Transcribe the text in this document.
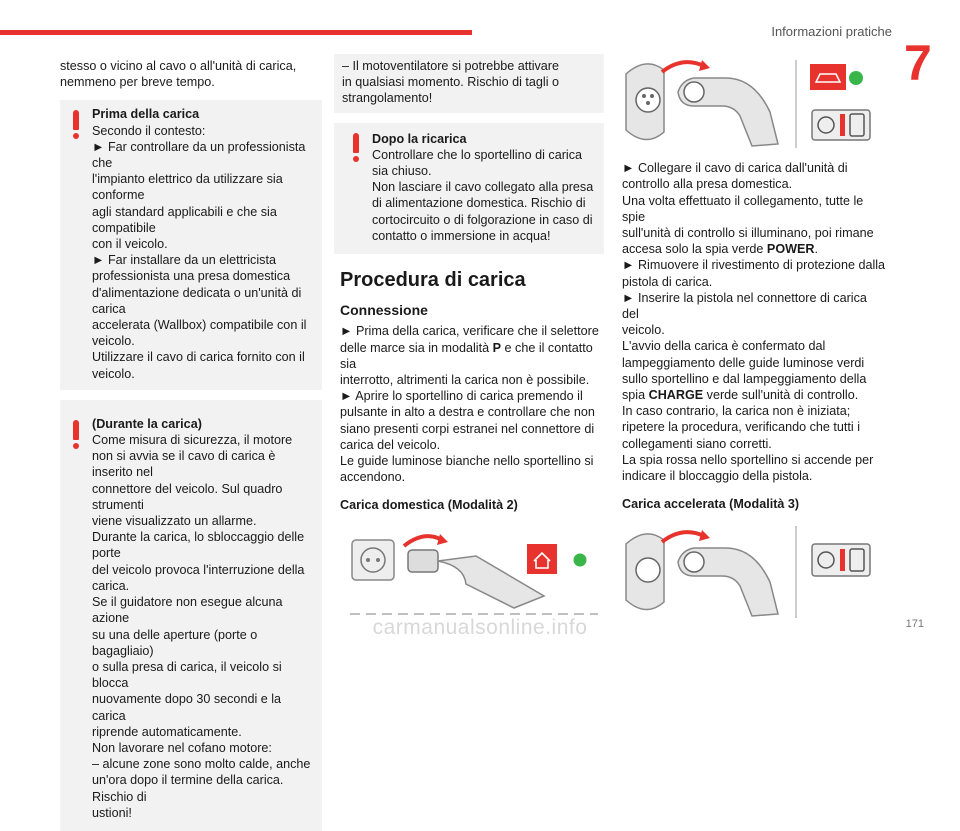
Informazioni pratiche
7

stesso o vicino al cavo o all'unità di carica,

nemmeno per breve tempo.

Prima della carica

Secondo il contesto:

► Far controllare da un professionista che

l'impianto elettrico da utilizzare sia conforme

agli standard applicabili e che sia compatibile

con il veicolo.

► Far installare da un elettricista

professionista una presa domestica

d'alimentazione dedicata o un'unità di carica

accelerata (Wallbox) compatibile con il

veicolo.

Utilizzare il cavo di carica fornito con il

veicolo.

(Durante la carica)

Come misura di sicurezza, il motore

non si avvia se il cavo di carica è inserito nel

connettore del veicolo. Sul quadro strumenti

viene visualizzato un allarme.

Durante la carica, lo sbloccaggio delle porte

del veicolo provoca l'interruzione della carica.

Se il guidatore non esegue alcuna azione

su una delle aperture (porte o bagagliaio)

o sulla presa di carica, il veicolo si blocca

nuovamente dopo 30 secondi e la carica

riprende automaticamente.

Non lavorare nel cofano motore:

– alcune zone sono molto calde, anche

un'ora dopo il termine della carica. Rischio di

ustioni!

– Il motoventilatore si potrebbe attivare

in qualsiasi momento. Rischio di tagli o

strangolamento!

Dopo la ricarica

Controllare che lo sportellino di carica

sia chiuso.

Non lasciare il cavo collegato alla presa

di alimentazione domestica. Rischio di

cortocircuito o di folgorazione in caso di

contatto o immersione in acqua!

Procedura di carica
Connessione

► Prima della carica, verificare che il selettore

delle marce sia in modalità P e che il contatto sia

interrotto, altrimenti la carica non è possibile.

► Aprire lo sportellino di carica premendo il

pulsante in alto a destra e controllare che non

siano presenti corpi estranei nel connettore di

carica del veicolo.

Le guide luminose bianche nello sportellino si

accendono.

Carica domestica (Modalità 2)

► Collegare il cavo di carica dall'unità di

controllo alla presa domestica.

Una volta effettuato il collegamento, tutte le spie

sull'unità di controllo si illuminano, poi rimane

accesa solo la spia verde POWER.

► Rimuovere il rivestimento di protezione dalla

pistola di carica.

► Inserire la pistola nel connettore di carica del

veicolo.

L'avvio della carica è confermato dal

lampeggiamento delle guide luminose verdi

sullo sportellino e dal lampeggiamento della

spia CHARGE verde sull'unità di controllo.

In caso contrario, la carica non è iniziata;

ripetere la procedura, verificando che tutti i

collegamenti siano corretti.

La spia rossa nello sportellino si accende per

indicare il bloccaggio della pistola.

Carica accelerata (Modalità 3)
carmanualsonline.info	171
